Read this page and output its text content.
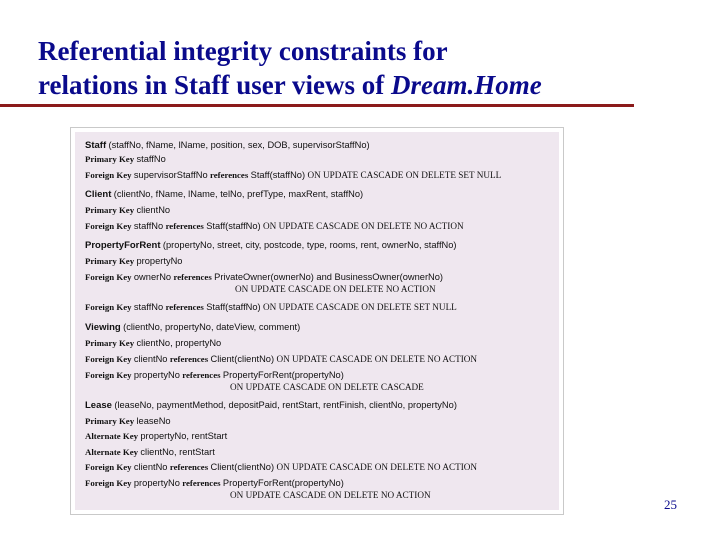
Referential integrity constraints for
relations in Staff user views of Dream.Home
Staff (staffNo, fName, lName, position, sex, DOB, supervisorStaffNo)
Primary Key staffNo
Foreign Key supervisorStaffNo references Staff(staffNo) ON UPDATE CASCADE ON DELETE SET NULL
Client (clientNo, fName, lName, telNo, prefType, maxRent, staffNo)
Primary Key clientNo
Foreign Key staffNo references Staff(staffNo) ON UPDATE CASCADE ON DELETE NO ACTION
PropertyForRent (propertyNo, street, city, postcode, type, rooms, rent, ownerNo, staffNo)
Primary Key propertyNo
Foreign Key ownerNo references PrivateOwner(ownerNo) and BusinessOwner(ownerNo)
ON UPDATE CASCADE ON DELETE NO ACTION
Foreign Key staffNo references Staff(staffNo) ON UPDATE CASCADE ON DELETE SET NULL
Viewing (clientNo, propertyNo, dateView, comment)
Primary Key clientNo, propertyNo
Foreign Key clientNo references Client(clientNo) ON UPDATE CASCADE ON DELETE NO ACTION
Foreign Key propertyNo references PropertyForRent(propertyNo)
ON UPDATE CASCADE ON DELETE CASCADE
Lease (leaseNo, paymentMethod, depositPaid, rentStart, rentFinish, clientNo, propertyNo)
Primary Key leaseNo
Alternate Key propertyNo, rentStart
Alternate Key clientNo, rentStart
Foreign Key clientNo references Client(clientNo) ON UPDATE CASCADE ON DELETE NO ACTION
Foreign Key propertyNo references PropertyForRent(propertyNo)
ON UPDATE CASCADE ON DELETE NO ACTION
25
